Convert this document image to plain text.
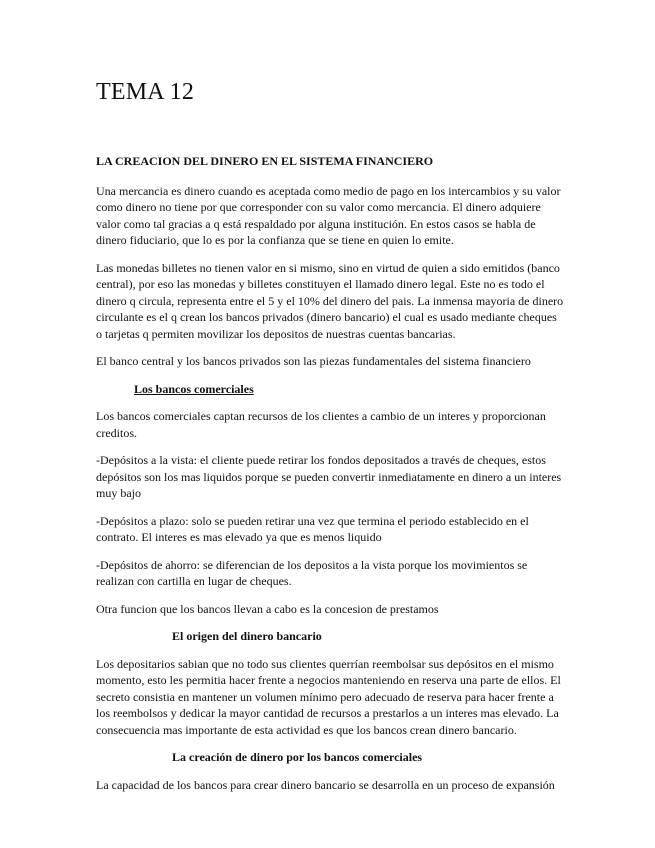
TEMA 12
LA CREACION DEL DINERO EN EL SISTEMA FINANCIERO

Una mercancia es dinero cuando es aceptada como medio de pago en los intercambios y su valor como dinero no tiene por que corresponder con su valor como mercancia. El dinero adquiere valor como tal gracias a q está respaldado por alguna institución. En estos casos se habla de dinero fiduciario, que lo es por la confianza que se tiene en quien lo emite.

Las monedas billetes no tienen valor en si mismo, sino en virtud de quien a sido emitidos (banco central), por eso las monedas y billetes constituyen el llamado dinero legal. Este no es todo el dinero q circula, representa entre el 5 y el 10% del dinero del pais. La inmensa mayoria de dinero circulante es el q crean los bancos privados (dinero bancario) el cual es usado mediante cheques o tarjetas q permiten movilizar los depositos de nuestras cuentas bancarias.

El banco central y los bancos privados son las piezas fundamentales del sistema financiero

Los bancos comerciales

Los bancos comerciales captan recursos de los clientes a cambio de un interes y proporcionan creditos.

-Depósitos a la vista: el cliente puede retirar los fondos depositados a través de cheques, estos depósitos son los mas liquidos porque se pueden convertir inmediatamente en dinero a un interes muy bajo

-Depósitos a plazo: solo se pueden retirar una vez que termina el periodo establecido en el contrato. El interes es mas elevado ya que es menos liquido

-Depósitos de ahorro: se diferencian de los depositos a la vista porque los movimientos se realizan con cartilla en lugar de cheques.

Otra funcion que los bancos llevan a cabo es la concesion de prestamos

El origen del dinero bancario

Los depositarios sabian que no todo sus clientes querrían reembolsar sus depósitos en el mismo momento, esto les permitia hacer frente a negocios manteniendo en reserva una parte de ellos. El secreto consistia en mantener un volumen mínimo pero adecuado de reserva para hacer frente a los reembolsos y dedicar la mayor cantidad de recursos a prestarlos a un interes mas elevado. La consecuencia mas importante de esta actividad es que los bancos crean dinero bancario.

La creación de dinero por los bancos comerciales

La capacidad de los bancos para crear dinero bancario se desarrolla en un proceso de expansión
